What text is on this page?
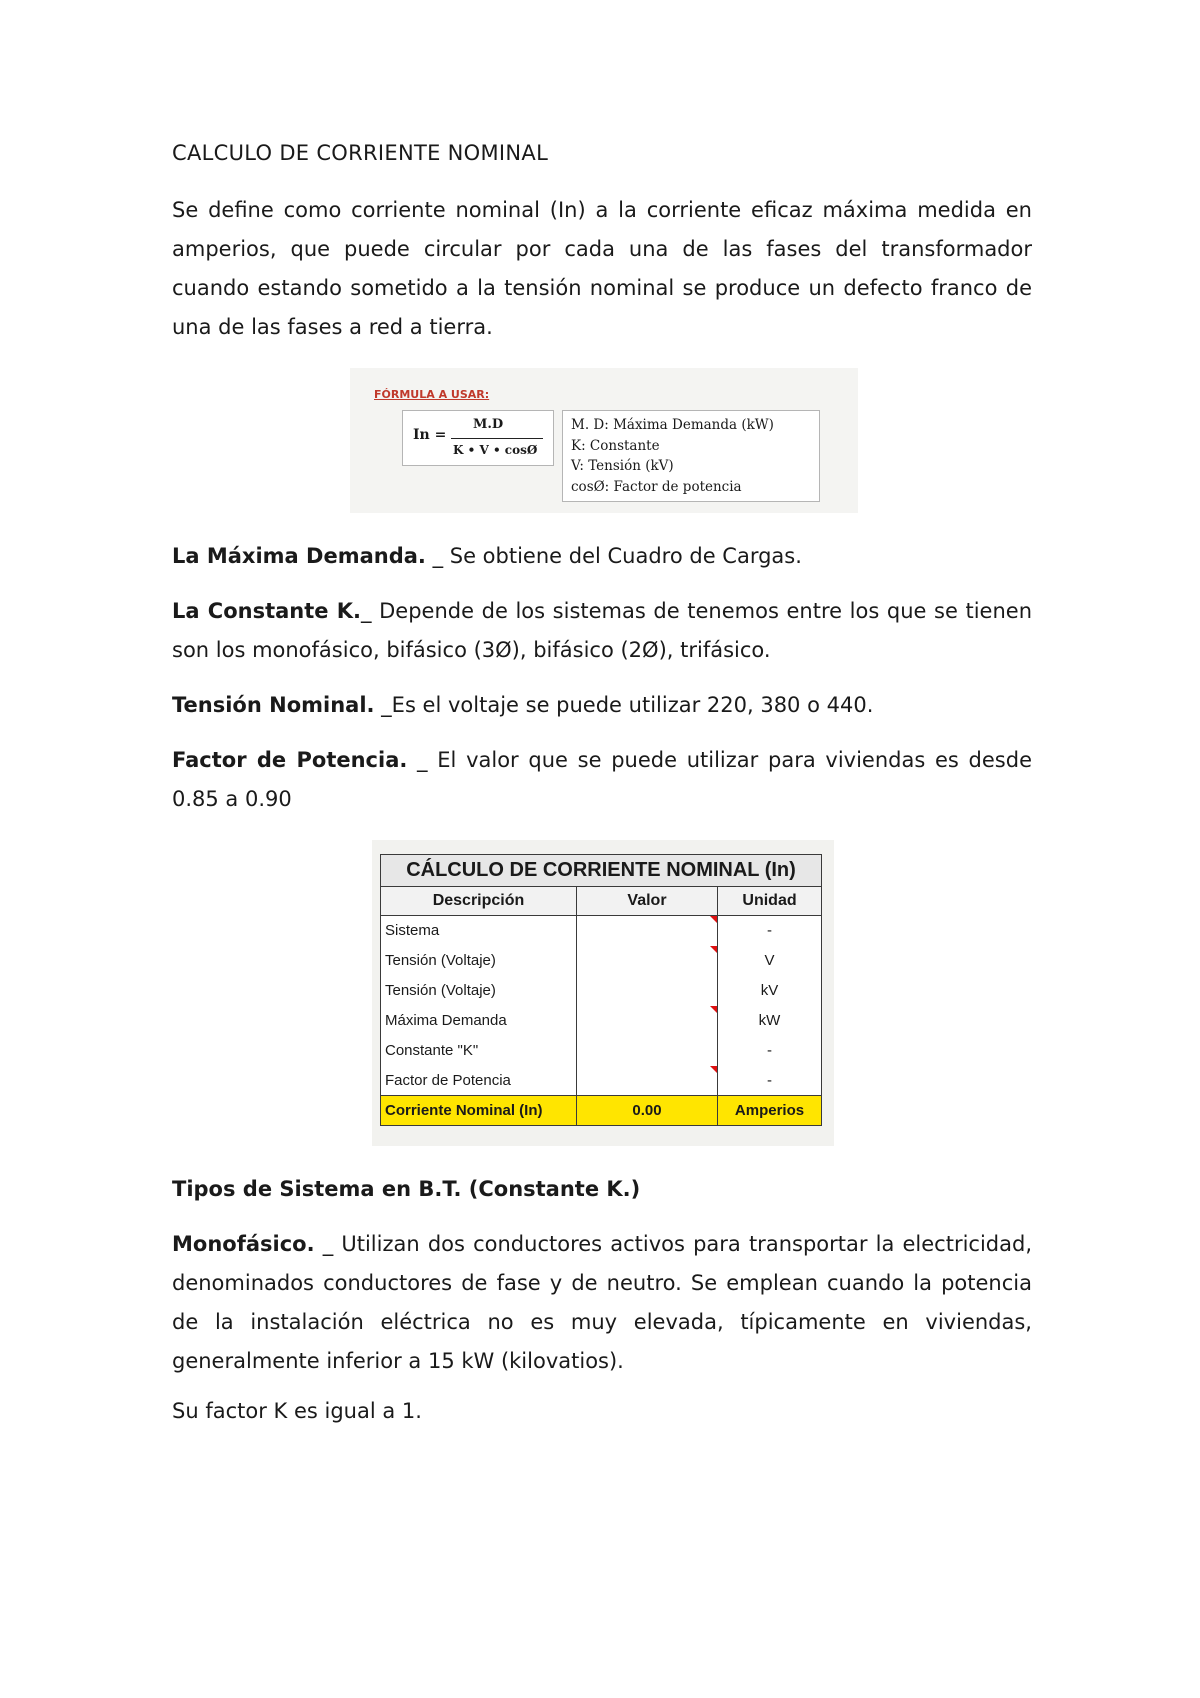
CALCULO DE CORRIENTE NOMINAL

Se define como corriente nominal (In) a la corriente eficaz máxima medida en amperios, que puede circular por cada una de las fases del transformador cuando estando sometido a la tensión nominal se produce un defecto franco de una de las fases a red a tierra.

FÓRMULA A USAR:
In =
M.D
K • V • cosØ
M. D: Máxima Demanda (kW)
K: Constante
V: Tensión (kV)
cosØ: Factor de potencia

La Máxima Demanda. _ Se obtiene del Cuadro de Cargas.

La Constante K._ Depende de los sistemas de tenemos entre los que se tienen son los monofásico, bifásico (3Ø), bifásico (2Ø), trifásico.

Tensión Nominal. _Es el voltaje se puede utilizar 220, 380 o 440.

Factor de Potencia. _ El valor que se puede utilizar para viviendas es desde 0.85 a 0.90

CÁLCULO DE CORRIENTE NOMINAL (In)		
Descripción	Valor	Unidad
Sistema		-
Tensión (Voltaje)		V
Tensión (Voltaje)		kV
Máxima Demanda		kW
Constante "K"		-
Factor de Potencia		-
Corriente Nominal (In)	0.00	Amperios

Tipos de Sistema en B.T. (Constante K.)

Monofásico. _ Utilizan dos conductores activos para transportar la electricidad, denominados conductores de fase y de neutro. Se emplean cuando la potencia de la instalación eléctrica no es muy elevada, típicamente en viviendas, generalmente inferior a 15 kW (kilovatios).

Su factor K es igual a 1.
